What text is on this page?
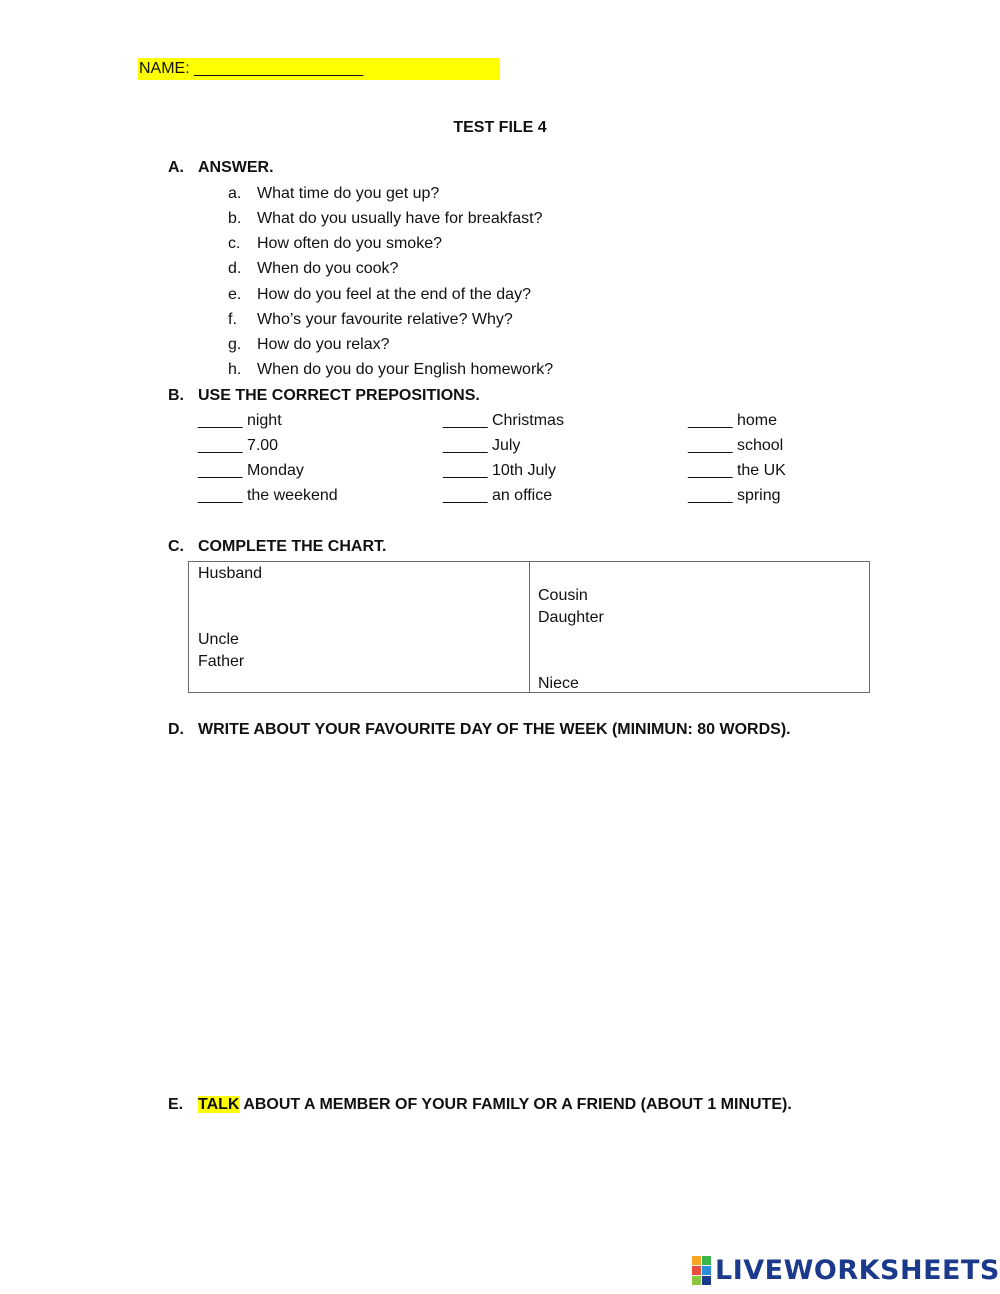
NAME: ___________________
TEST FILE 4
A. ANSWER.
a. What time do you get up?
b. What do you usually have for breakfast?
c. How often do you smoke?
d. When do you cook?
e. How do you feel at the end of the day?
f. Who’s your favourite relative? Why?
g. How do you relax?
h. When do you do your English homework?
B. USE THE CORRECT PREPOSITIONS.
_____ night
_____ 7.00
_____ Monday
_____ the weekend
_____ Christmas
_____ July
_____ 10th July
_____ an office
_____ home
_____ school
_____ the UK
_____ spring
C. COMPLETE THE CHART.
Husband
Uncle
Father
Cousin
Daughter
Niece
D. WRITE ABOUT YOUR FAVOURITE DAY OF THE WEEK (MINIMUN: 80 WORDS).
E. TALK ABOUT A MEMBER OF YOUR FAMILY OR A FRIEND (ABOUT 1 MINUTE).
LIVEWORKSHEETS
